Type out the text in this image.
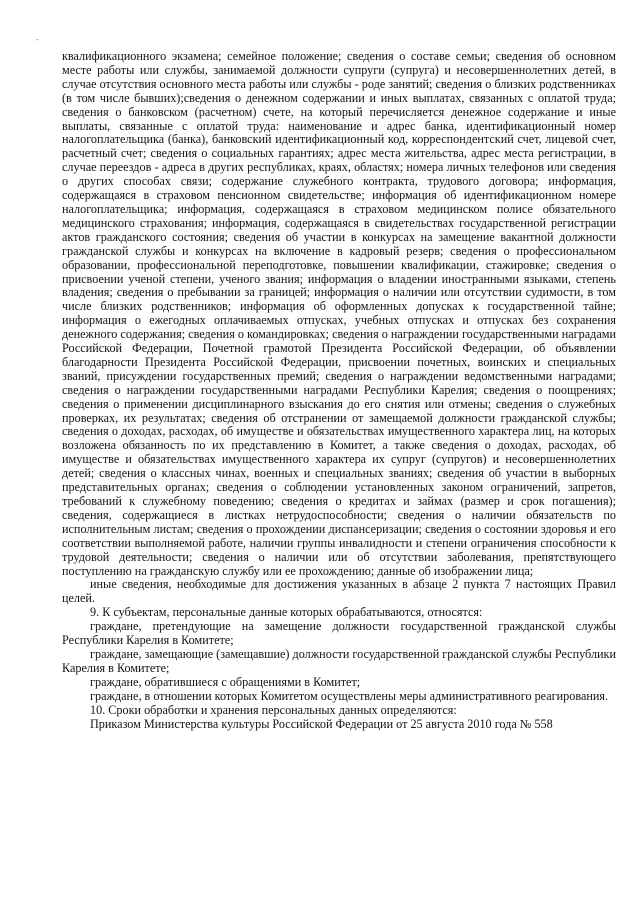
-

квалификационного экзамена; семейное положение; сведения о составе семьи; сведения об основном месте работы или службы, занимаемой должности супруги (супруга) и несовершеннолетних детей, в случае отсутствия основного места работы или службы - роде занятий; сведения о близких родственниках (в том числе бывших);сведения о денежном содержании и иных выплатах, связанных с оплатой труда; сведения о банковском (расчетном) счете, на который перечисляется денежное содержание и иные выплаты, связанные с оплатой труда: наименование и адрес банка, идентификационный номер налогоплательщика (банка), банковский идентификационный код, корреспондентский счет, лицевой счет, расчетный счет; сведения о социальных гарантиях; адрес места жительства, адрес места регистрации, в случае переездов - адреса в других республиках, краях, областях; номера личных телефонов или сведения о других способах связи; содержание служебного контракта, трудового договора; информация, содержащаяся в страховом пенсионном свидетельстве; информация об идентификационном номере налогоплательщика; информация, содержащаяся в страховом медицинском полисе обязательного медицинского страхования; информация, содержащаяся в свидетельствах государственной регистрации актов гражданского состояния; сведения об участии в конкурсах на замещение вакантной должности гражданской службы и конкурсах на включение в кадровый резерв; сведения о профессиональном образовании, профессиональной переподготовке, повышении квалификации, стажировке; сведения о присвоении ученой степени, ученого звания; информация о владении иностранными языками, степень владения; сведения о пребывании за границей; информация о наличии или отсутствии судимости, в том числе близких родственников; информация об оформленных допусках к государственной тайне; информация о ежегодных оплачиваемых отпусках, учебных отпусках и отпусках без сохранения денежного содержания; сведения о командировках; сведения о награждении государственными наградами Российской Федерации, Почетной грамотой Президента Российской Федерации, об объявлении благодарности Президента Российской Федерации, присвоении почетных, воинских и специальных званий, присуждении государственных премий; сведения о награждении ведомственными наградами; сведения о награждении государственными наградами Республики Карелия; сведения о поощрениях; сведения о применении дисциплинарного взыскания до его снятия или отмены; сведения о служебных проверках, их результатах; сведения об отстранении от замещаемой должности гражданской службы; сведения о доходах, расходах, об имуществе и обязательствах имущественного характера лиц, на которых возложена обязанность по их представлению в Комитет, а также сведения о доходах, расходах, об имуществе и обязательствах имущественного характера их супруг (супругов) и несовершеннолетних детей; сведения о классных чинах, военных и специальных званиях; сведения об участии в выборных представительных органах; сведения о соблюдении установленных законом ограничений, запретов, требований к служебному поведению; сведения о кредитах и займах (размер и срок погашения); сведения, содержащиеся в листках нетрудоспособности; сведения о наличии обязательств по исполнительным листам; сведения о прохождении диспансеризации; сведения о состоянии здоровья и его соответствии выполняемой работе, наличии группы инвалидности и степени ограничения способности к трудовой деятельности; сведения о наличии или об отсутствии заболевания, препятствующего поступлению на гражданскую службу или ее прохождению; данные об изображении лица;

иные сведения, необходимые для достижения указанных в абзаце 2 пункта 7 настоящих Правил целей.

9. К субъектам, персональные данные которых обрабатываются, относятся:

граждане, претендующие на замещение должности государственной гражданской службы Республики Карелия в Комитете;

граждане, замещающие (замещавшие) должности государственной гражданской службы Республики Карелия в Комитете;

граждане, обратившиеся с обращениями в Комитет;

граждане, в отношении которых Комитетом осуществлены меры административного реагирования.

10. Сроки обработки и хранения персональных данных определяются:

Приказом Министерства культуры Российской Федерации от 25 августа 2010 года № 558
